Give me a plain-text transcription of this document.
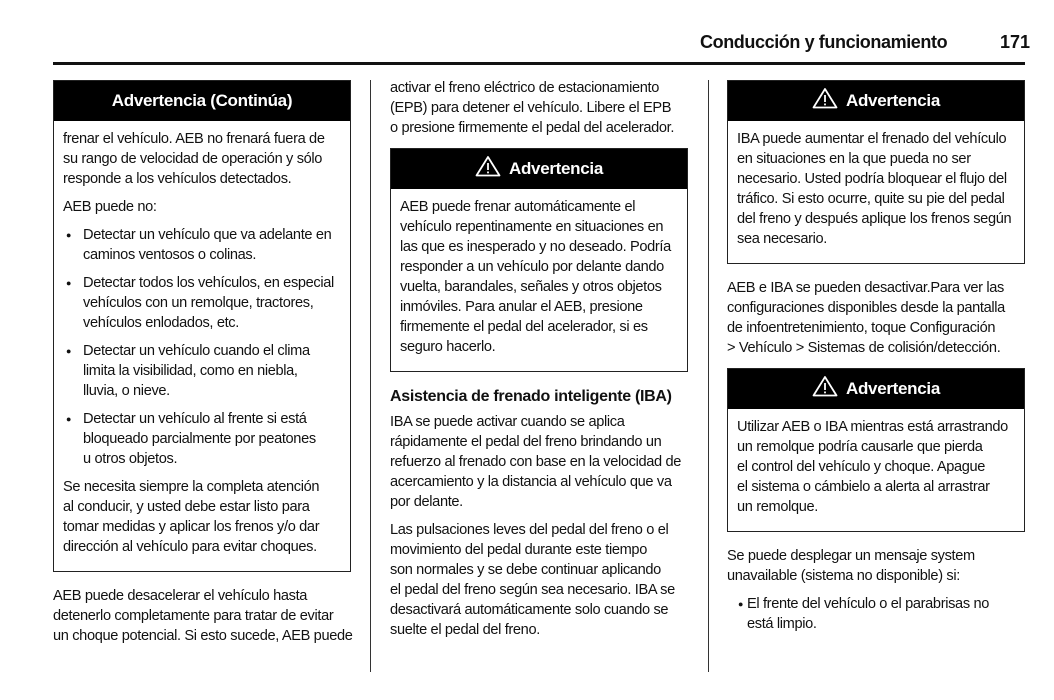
Conducción y funcionamiento	171
Advertencia (Continúa)
frenar el vehículo. AEB no frenará fuera de
su rango de velocidad de operación y sólo
responde a los vehículos detectados.
AEB puede no:
● Detectar un vehículo que va adelante en
caminos ventosos o colinas.
● Detectar todos los vehículos, en especial
vehículos con un remolque, tractores,
vehículos enlodados, etc.
● Detectar un vehículo cuando el clima
limita la visibilidad, como en niebla,
lluvia, o nieve.
● Detectar un vehículo al frente si está
bloqueado parcialmente por peatones
u otros objetos.
Se necesita siempre la completa atención
al conducir, y usted debe estar listo para
tomar medidas y aplicar los frenos y/o dar
dirección al vehículo para evitar choques.
AEB puede desacelerar el vehículo hasta
detenerlo completamente para tratar de evitar
un choque potencial. Si esto sucede, AEB puede
activar el freno eléctrico de estacionamiento
(EPB) para detener el vehículo. Libere el EPB
o presione firmemente el pedal del acelerador.
Advertencia
AEB puede frenar automáticamente el
vehículo repentinamente en situaciones en
las que es inesperado y no deseado. Podría
responder a un vehículo por delante dando
vuelta, barandales, señales y otros objetos
inmóviles. Para anular el AEB, presione
firmemente el pedal del acelerador, si es
seguro hacerlo.
Asistencia de frenado inteligente (IBA)
IBA se puede activar cuando se aplica
rápidamente el pedal del freno brindando un
refuerzo al frenado con base en la velocidad de
acercamiento y la distancia al vehículo que va
por delante.
Las pulsaciones leves del pedal del freno o el
movimiento del pedal durante este tiempo
son normales y se debe continuar aplicando
el pedal del freno según sea necesario. IBA se
desactivará automáticamente solo cuando se
suelte el pedal del freno.
Advertencia
IBA puede aumentar el frenado del vehículo
en situaciones en la que pueda no ser
necesario. Usted podría bloquear el flujo del
tráfico. Si esto ocurre, quite su pie del pedal
del freno y después aplique los frenos según
sea necesario.
AEB e IBA se pueden desactivar.Para ver las
configuraciones disponibles desde la pantalla
de infoentretenimiento, toque Configuración
> Vehículo > Sistemas de colisión/detección.
Advertencia
Utilizar AEB o IBA mientras está arrastrando
un remolque podría causarle que pierda
el control del vehículo y choque. Apague
el sistema o cámbielo a alerta al arrastrar
un remolque.
Se puede desplegar un mensaje system
unavailable (sistema no disponible) si:
● El frente del vehículo o el parabrisas no
está limpio.
